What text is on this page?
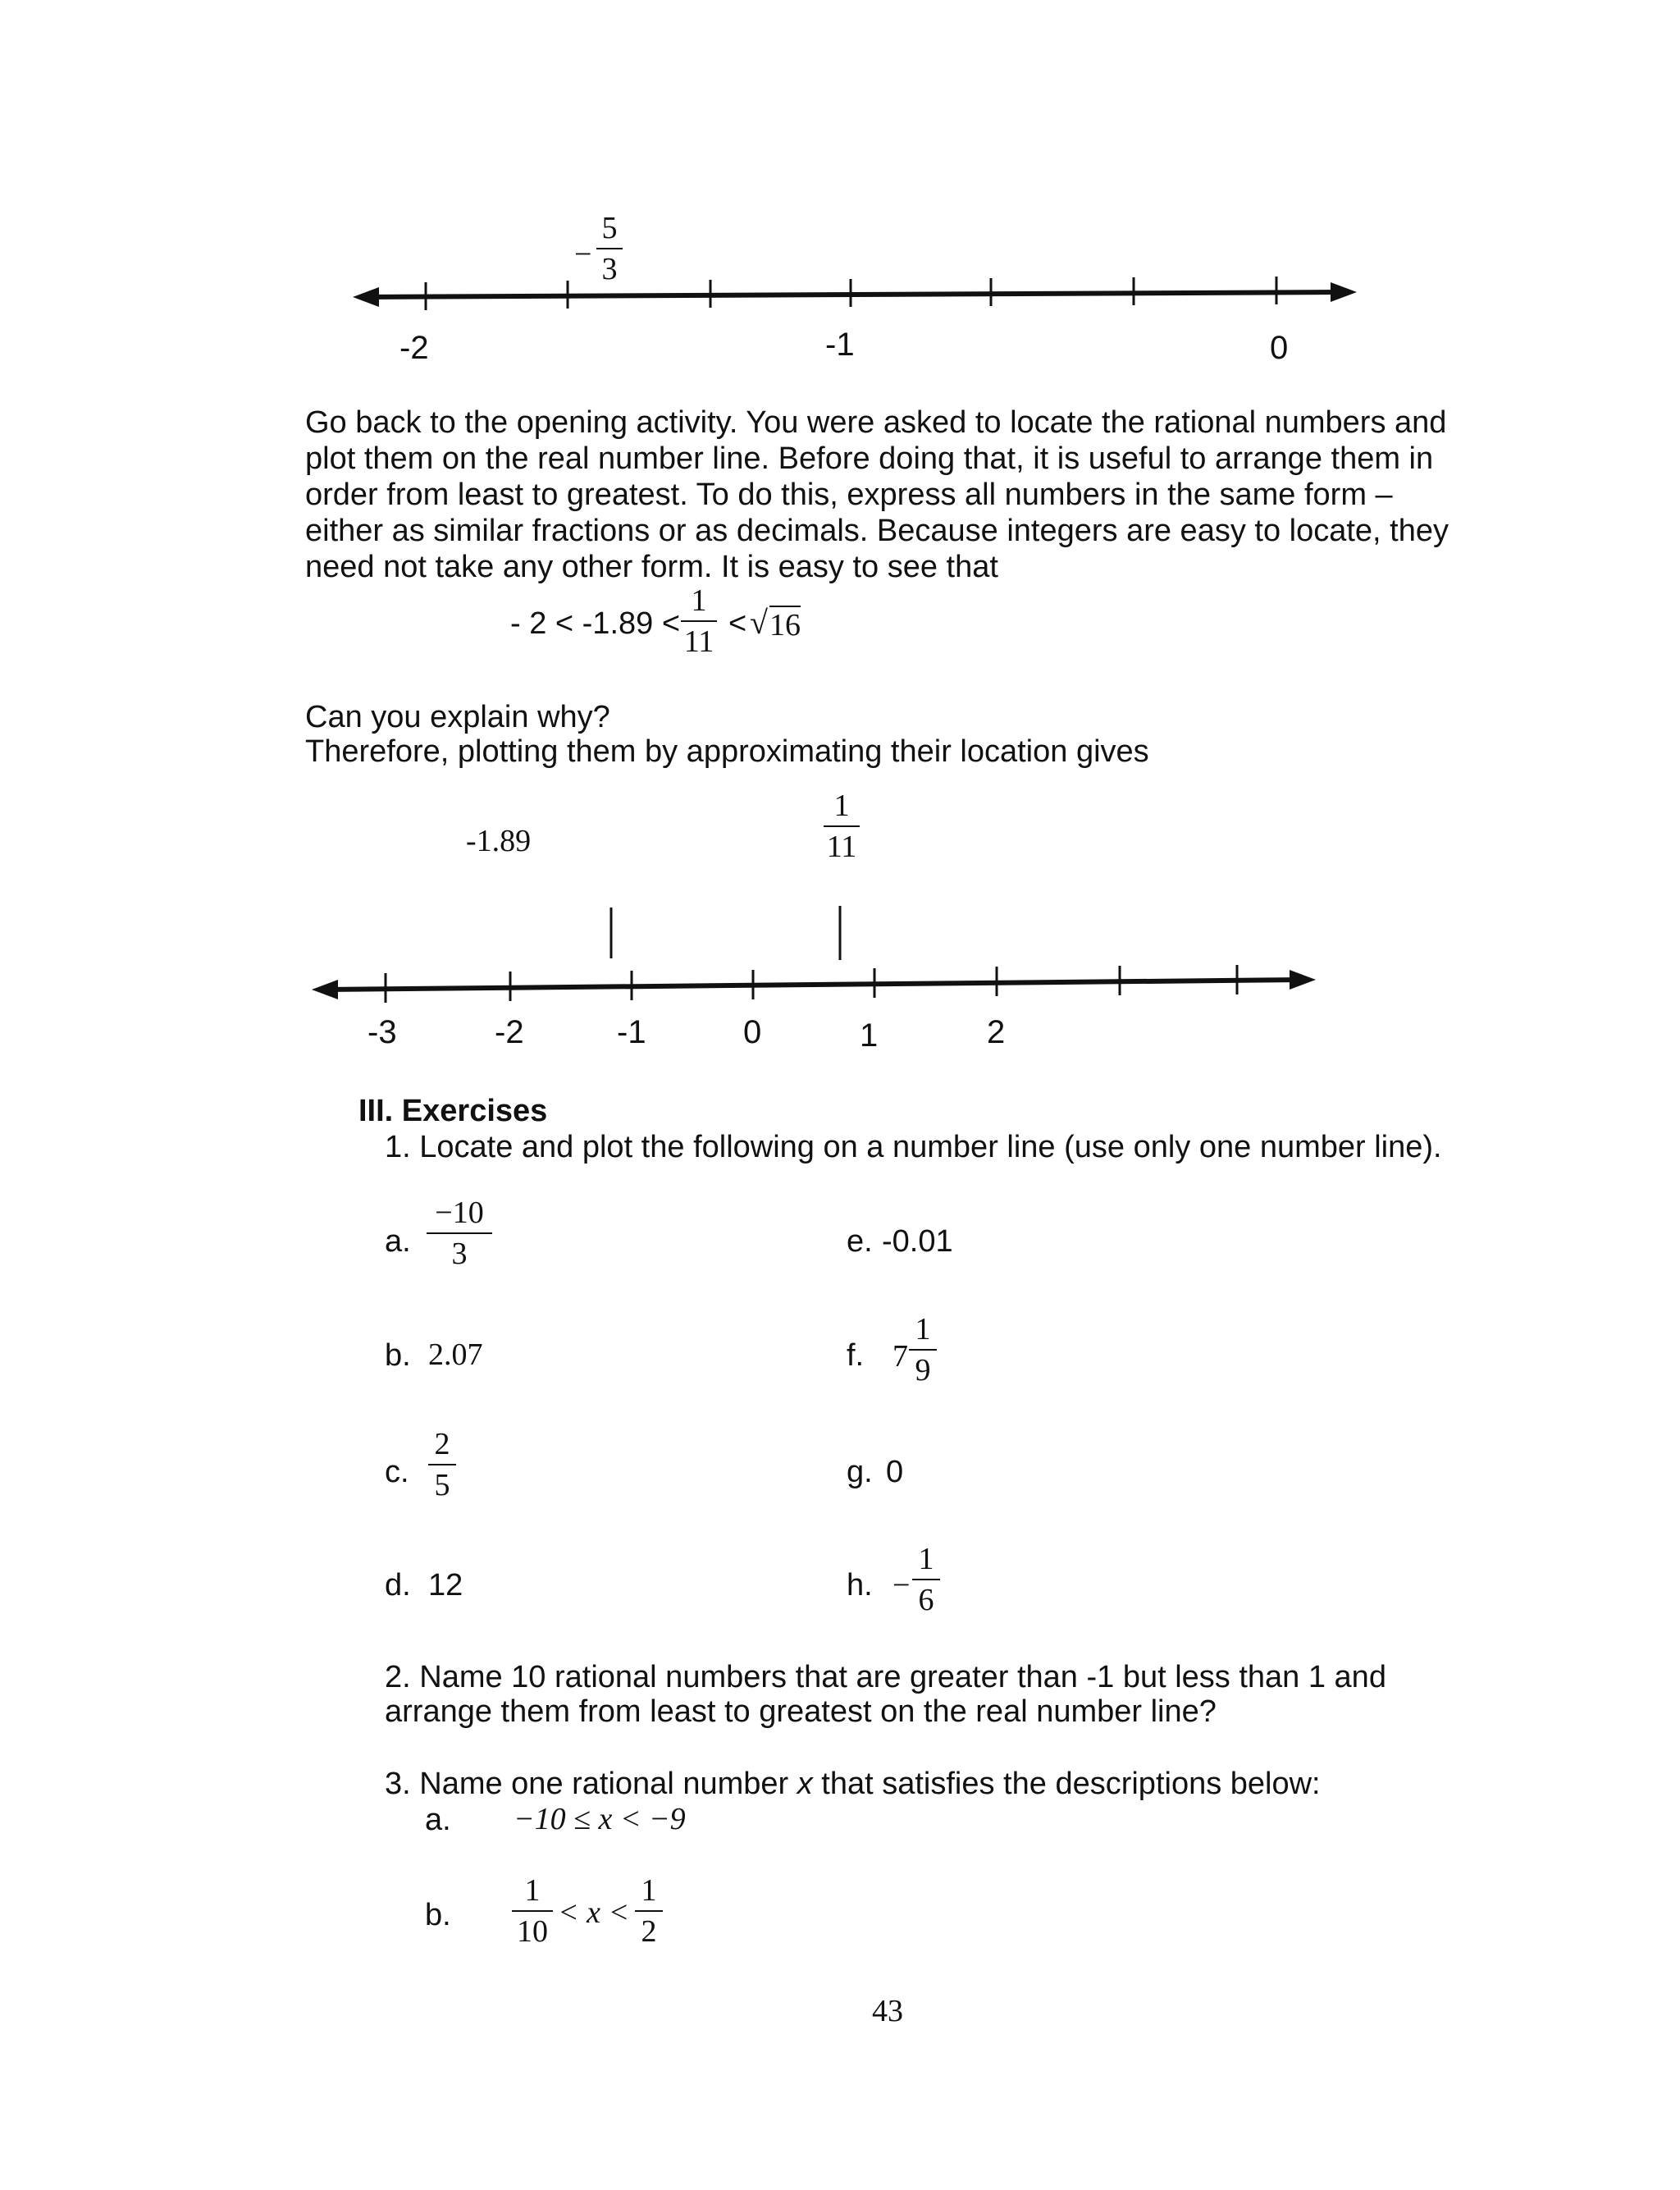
-2	-1	0
−
5
3
Go back to the opening activity. You were asked to locate the rational numbers and
plot them on the real number line. Before doing that, it is useful to arrange them in
order from least to greatest. To do this, express all numbers in the same form –
either as similar fractions or as decimals. Because integers are easy to locate, they
need not take any other form. It is easy to see that
- 2 < -1.89 <
1
11
< √ 16
Can you explain why?
Therefore, plotting them by approximating their location gives
-3	-2	-1	0	1	2
-1.89
1
11
III. Exercises
1. Locate and plot the following on a number line (use only one number line).
a.
−10
3	e. -0.01
b. 2.07	f. 7
1
9
c.
2
5	g. 0
d. 12	h. −
1
6
2. Name 10 rational numbers that are greater than -1 but less than 1 and
arrange them from least to greatest on the real number line?
3. Name one rational number x that satisfies the descriptions below:
a. −10 ≤ x < −9
b.
1
10
< x <
1
2
43
